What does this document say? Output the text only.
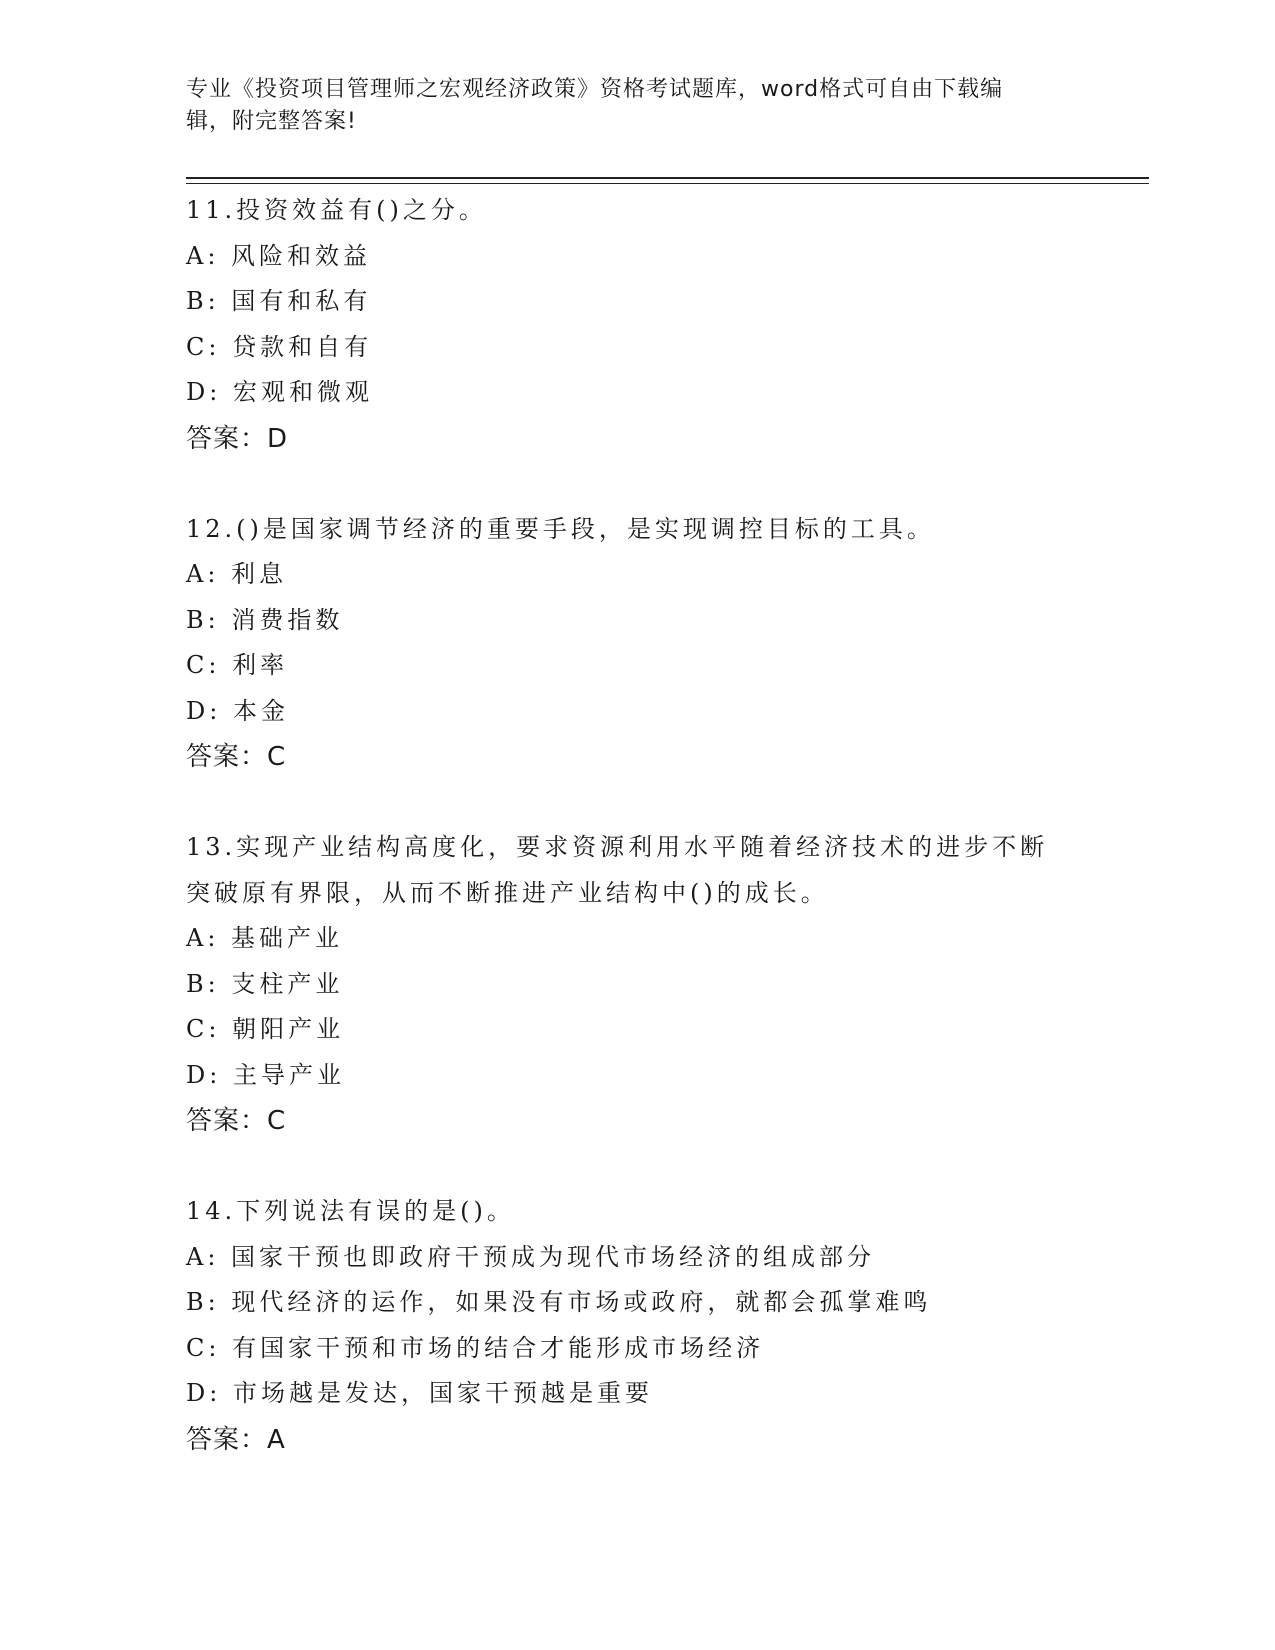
专业《投资项目管理师之宏观经济政策》资格考试题库，word格式可自由下载编
辑，附完整答案!
11.投资效益有()之分。
A: 风险和效益
B: 国有和私有
C: 贷款和自有
D: 宏观和微观
答案：D
12.()是国家调节经济的重要手段，是实现调控目标的工具。
A: 利息
B: 消费指数
C: 利率
D: 本金
答案：C
13.实现产业结构高度化，要求资源利用水平随着经济技术的进步不断
突破原有界限，从而不断推进产业结构中()的成长。
A: 基础产业
B: 支柱产业
C: 朝阳产业
D: 主导产业
答案：C
14.下列说法有误的是()。
A: 国家干预也即政府干预成为现代市场经济的组成部分
B: 现代经济的运作，如果没有市场或政府，就都会孤掌难鸣
C: 有国家干预和市场的结合才能形成市场经济
D: 市场越是发达，国家干预越是重要
答案：A
